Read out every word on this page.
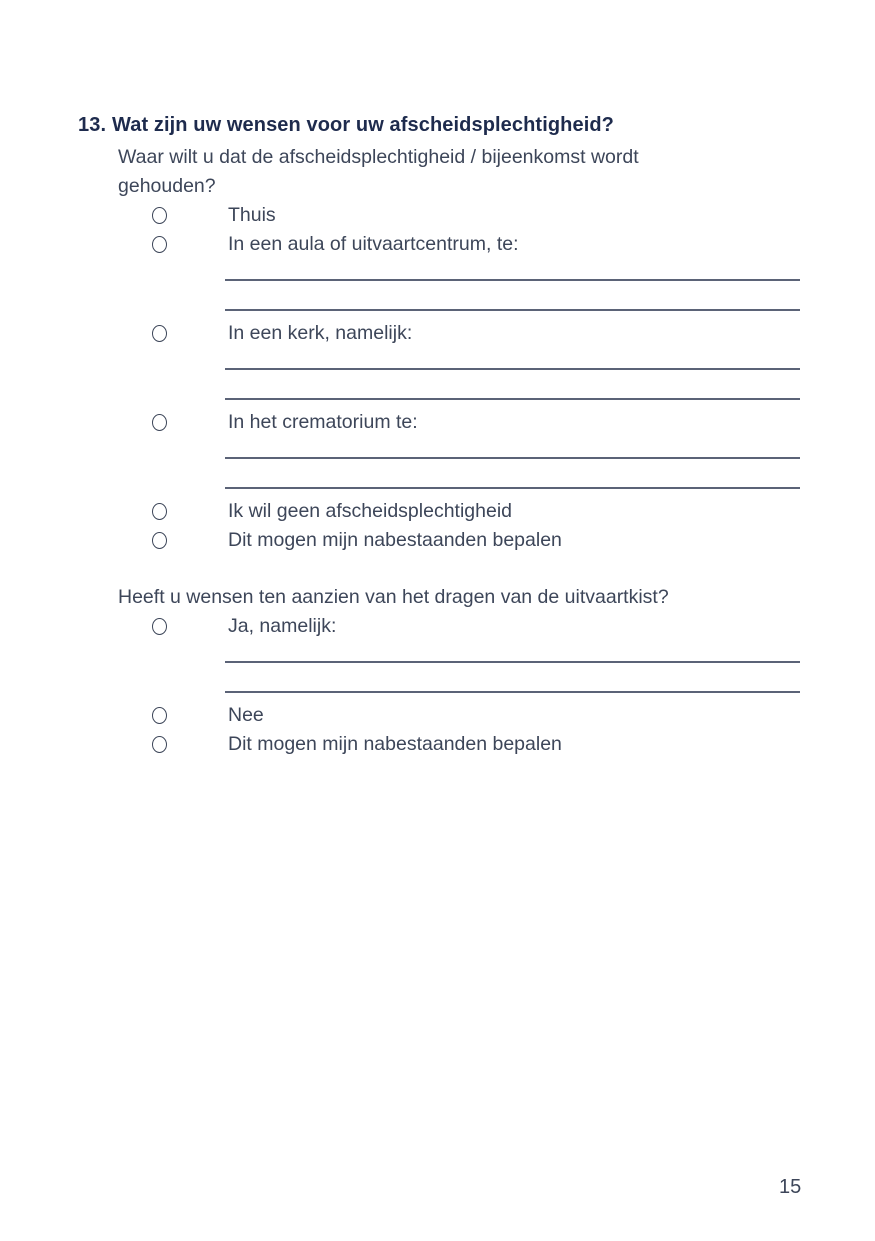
13. Wat zijn uw wensen voor uw afscheidsplechtigheid?
Waar wilt u dat de afscheidsplechtigheid / bijeenkomst wordt gehouden?
Thuis
In een aula of uitvaartcentrum, te:
In een kerk, namelijk:
In het crematorium te:
Ik wil geen afscheidsplechtigheid
Dit mogen mijn nabestaanden bepalen
Heeft u wensen ten aanzien van het dragen van de uitvaartkist?
Ja, namelijk:
Nee
Dit mogen mijn nabestaanden bepalen
15
